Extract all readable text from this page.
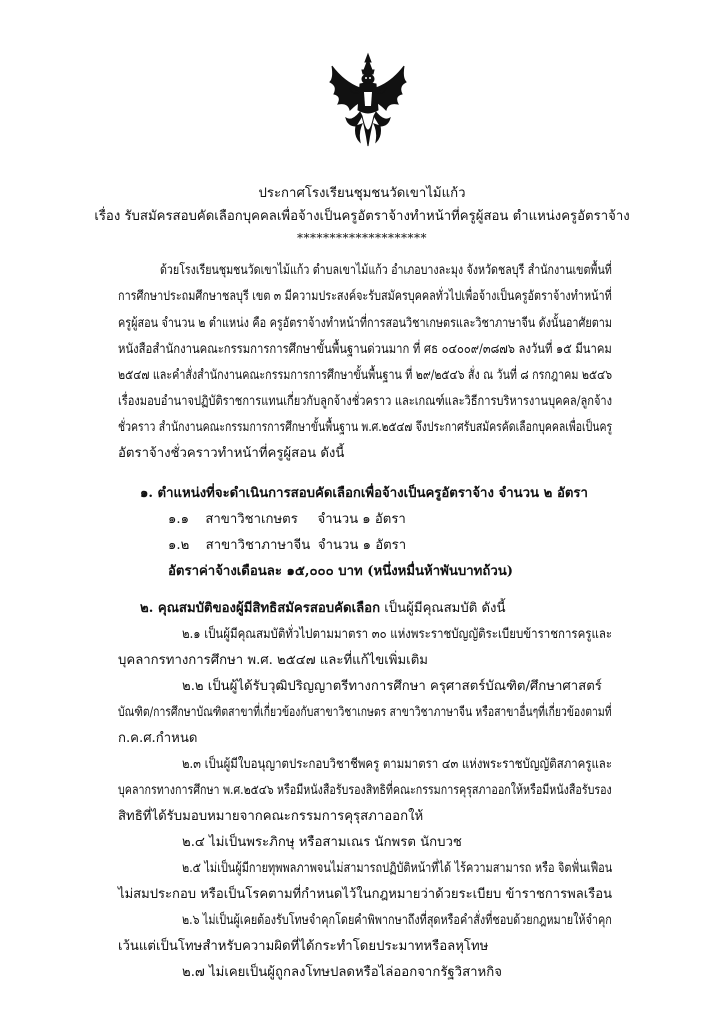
ประกาศโรงเรียนชุมชนวัดเขาไม้แก้ว
เรื่อง รับสมัครสอบคัดเลือกบุคคลเพื่อจ้างเป็นครูอัตราจ้างทำหน้าที่ครูผู้สอน ตำแหน่งครูอัตราจ้าง
********************
ด้วยโรงเรียนชุมชนวัดเขาไม้แก้ว ตำบลเขาไม้แก้ว อำเภอบางละมุง จังหวัดชลบุรี สำนักงานเขตพื้นที่
การศึกษาประถมศึกษาชลบุรี เขต ๓ มีความประสงค์จะรับสมัครบุคคลทั่วไปเพื่อจ้างเป็นครูอัตราจ้างทำหน้าที่
ครูผู้สอน จำนวน ๒ ตำแหน่ง คือ ครูอัตราจ้างทำหน้าที่การสอนวิชาเกษตรและวิชาภาษาจีน ดังนั้นอาศัยตาม
หนังสือสำนักงานคณะกรรมการการศึกษาขั้นพื้นฐานด่วนมาก ที่ ศธ ๐๔๐๐๙/๓๘๗๖ ลงวันที่ ๑๕ มีนาคม
๒๕๔๗ และคำสั่งสำนักงานคณะกรรมการการศึกษาขั้นพื้นฐาน ที่ ๒๙/๒๕๔๖ สั่ง ณ วันที่ ๘ กรกฎาคม ๒๕๔๖
เรื่องมอบอำนาจปฏิบัติราชการแทนเกี่ยวกับลูกจ้างชั่วคราว และเกณฑ์และวิธีการบริหารงานบุคคล/ลูกจ้าง
ชั่วคราว สำนักงานคณะกรรมการการศึกษาขั้นพื้นฐาน พ.ศ.๒๕๔๗ จึงประกาศรับสมัครคัดเลือกบุคคลเพื่อเป็นครู
อัตราจ้างชั่วคราวทำหน้าที่ครูผู้สอน ดังนี้
๑. ตำแหน่งที่จะดำเนินการสอบคัดเลือกเพื่อจ้างเป็นครูอัตราจ้าง จำนวน ๒ อัตรา
๑.๑ สาขาวิชาเกษตร จำนวน ๑ อัตรา
๑.๒ สาขาวิชาภาษาจีน จำนวน ๑ อัตรา
อัตราค่าจ้างเดือนละ ๑๕,๐๐๐ บาท (หนึ่งหมื่นห้าพันบาทถ้วน)
๒. คุณสมบัติของผู้มีสิทธิสมัครสอบคัดเลือก เป็นผู้มีคุณสมบัติ ดังนี้
๒.๑ เป็นผู้มีคุณสมบัติทั่วไปตามมาตรา ๓๐ แห่งพระราชบัญญัติระเบียบข้าราชการครูและ
บุคลากรทางการศึกษา พ.ศ. ๒๕๔๗ และที่แก้ไขเพิ่มเติม
๒.๒ เป็นผู้ได้รับวุฒิปริญญาตรีทางการศึกษา ครุศาสตร์บัณฑิต/ศึกษาศาสตร์
บัณฑิต/การศึกษาบัณฑิตสาขาที่เกี่ยวข้องกับสาขาวิชาเกษตร สาขาวิชาภาษาจีน หรือสาขาอื่นๆที่เกี่ยวข้องตามที่
ก.ค.ศ.กำหนด
๒.๓ เป็นผู้มีใบอนุญาตประกอบวิชาชีพครู ตามมาตรา ๔๓ แห่งพระราชบัญญัติสภาครูและ
บุคลากรทางการศึกษา พ.ศ.๒๕๔๖ หรือมีหนังสือรับรองสิทธิที่คณะกรรมการคุรุสภาออกให้หรือมีหนังสือรับรอง
สิทธิที่ได้รับมอบหมายจากคณะกรรมการคุรุสภาออกให้
๒.๔ ไม่เป็นพระภิกษุ หรือสามเณร นักพรต นักบวช
๒.๕ ไม่เป็นผู้มีกายทุพพลภาพจนไม่สามารถปฏิบัติหน้าที่ได้ ไร้ความสามารถ หรือ จิตฟั่นเฟือน
ไม่สมประกอบ หรือเป็นโรคตามที่กำหนดไว้ในกฎหมายว่าด้วยระเบียบ ข้าราชการพลเรือน
๒.๖ ไม่เป็นผู้เคยต้องรับโทษจำคุกโดยคำพิพากษาถึงที่สุดหรือคำสั่งที่ชอบด้วยกฎหมายให้จำคุก
เว้นแต่เป็นโทษสำหรับความผิดที่ได้กระทำโดยประมาทหรือลหุโทษ
๒.๗ ไม่เคยเป็นผู้ถูกลงโทษปลดหรือไล่ออกจากรัฐวิสาหกิจ
